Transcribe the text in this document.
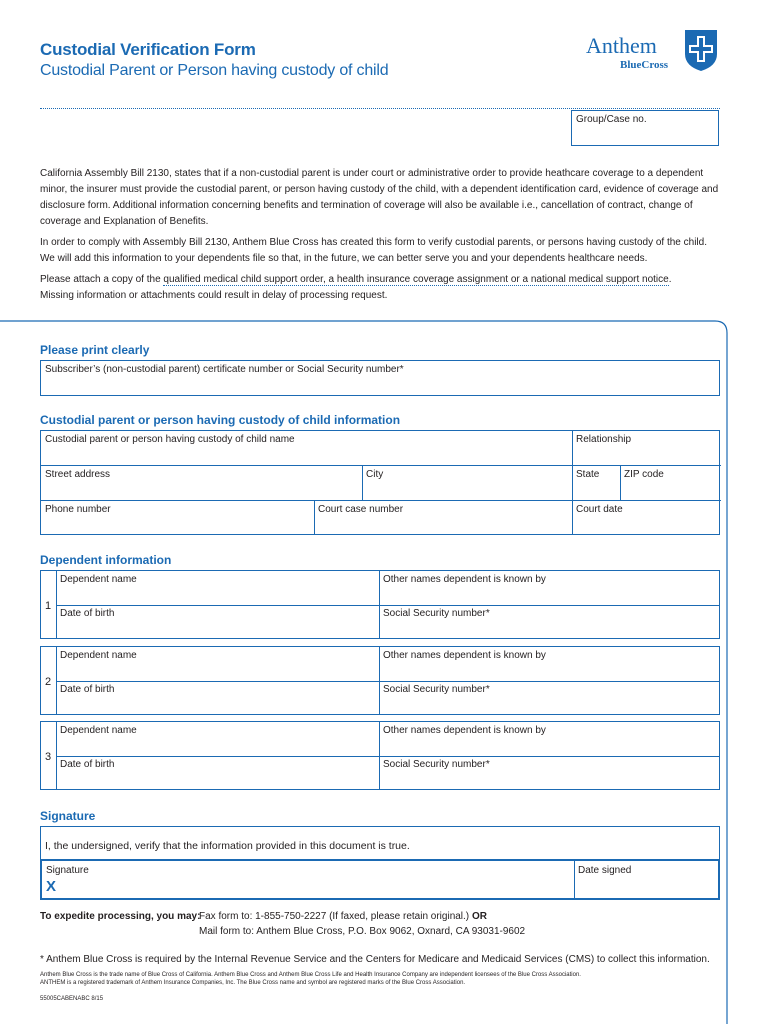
Custodial Verification Form
Custodial Parent or Person having custody of child
Anthem
BlueCross
Group/Case no.
California Assembly Bill 2130, states that if a non-custodial parent is under court or administrative order to provide heathcare coverage to a dependent minor, the insurer must provide the custodial parent, or person having custody of the child, with a dependent identification card, evidence of coverage and disclosure form. Additional information concerning benefits and termination of coverage will also be available i.e., cancellation of contract, change of coverage and Explanation of Benefits.
In order to comply with Assembly Bill 2130, Anthem Blue Cross has created this form to verify custodial parents, or persons having custody of the child. We will add this information to your dependents file so that, in the future, we can better serve you and your dependents healthcare needs.
Please attach a copy of the qualified medical child support order, a health insurance coverage assignment or a national medical support notice.
Missing information or attachments could result in delay of processing request.
Please print clearly
Subscriber’s (non-custodial parent) certificate number or Social Security number*
Custodial parent or person having custody of child information
Custodial parent or person having custody of child name	Relationship
Street address	City	State	ZIP code
Phone number	Court case number	Court date
Dependent information
1
Dependent name	Other names dependent is known by
Date of birth	Social Security number*
2
Dependent name	Other names dependent is known by
Date of birth	Social Security number*
3
Dependent name	Other names dependent is known by
Date of birth	Social Security number*
Signature
I, the undersigned, verify that the information provided in this document is true.
Signature
X
Date signed
To expedite processing, you may:
Fax form to: 1-855-750-2227 (If faxed, please retain original.) OR
Mail form to: Anthem Blue Cross, P.O. Box 9062, Oxnard, CA 93031-9602
* Anthem Blue Cross is required by the Internal Revenue Service and the Centers for Medicare and Medicaid Services (CMS) to collect this information.
Anthem Blue Cross is the trade name of Blue Cross of California. Anthem Blue Cross and Anthem Blue Cross Life and Health Insurance Company are independent licensees of the Blue Cross Association.
ANTHEM is a registered trademark of Anthem Insurance Companies, Inc. The Blue Cross name and symbol are registered marks of the Blue Cross Association.
55005CABENABC 8/15
